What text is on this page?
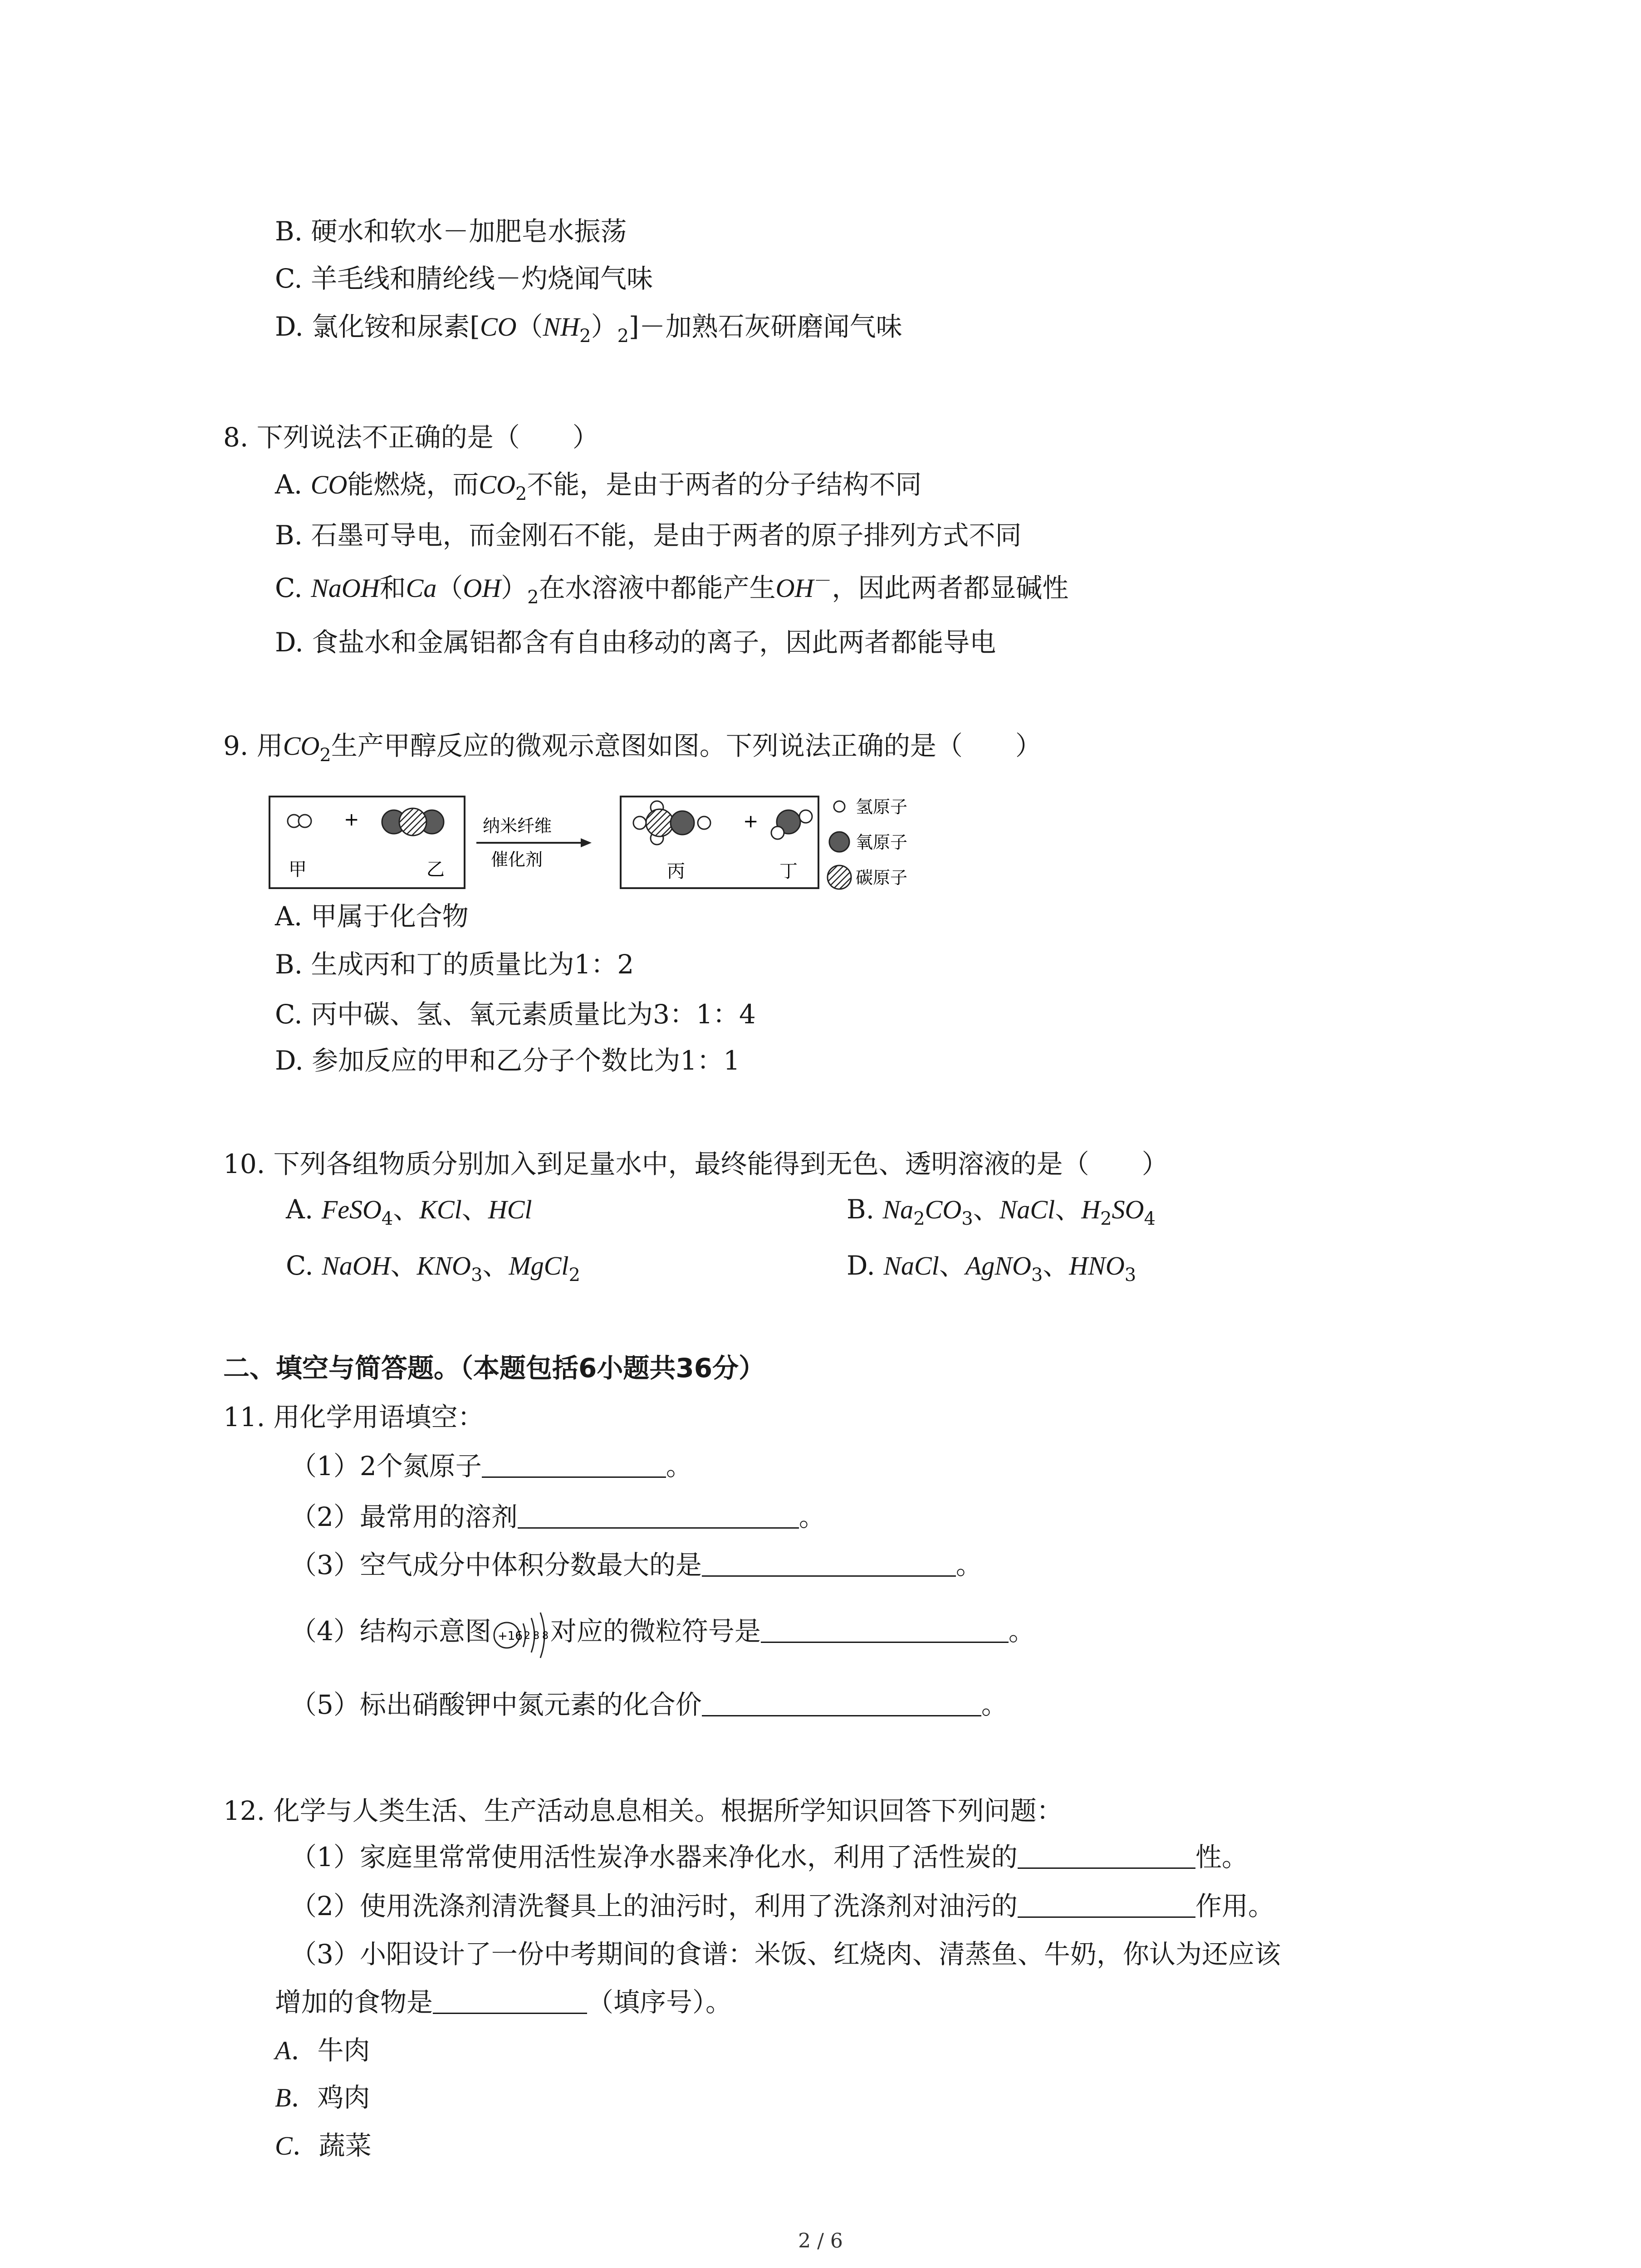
B. 硬水和软水－加肥皂水振荡
C. 羊毛线和腈纶线－灼烧闻气味
D. 氯化铵和尿素$[CO(NH_2)_2]-$加熟石灰研磨闻气味
8. 下列说法不正确的是（　　）
A. CO能燃烧，而$CO_2$不能，是由于两者的分子结构不同
B. 石墨可导电，而金刚石不能，是由于两者的原子排列方式不同
C. NaOH和$Ca(OH)_2$在水溶液中都能产生OH－，因此两者都显碱性
D. 食盐水和金属铝都含有自由移动的离子，因此两者都能导电
9. 用$CO_2$生产甲醇反应的微观示意图如图。下列说法正确的是（　　）
+
甲	乙
纳米纤维
催化剂
+
丙	丁
氢原子
氧原子
碳原子
A. 甲属于化合物
B. 生成丙和丁的质量比为1：2
C. 丙中碳、氢、氧元素质量比为3：1：4
D. 参加反应的甲和乙分子个数比为1：1
10. 下列各组物质分别加入到足量水中，最终能得到无色、透明溶液的是（　　）
A. FeSO$_4$、KCl、HCl	B. $Na_2CO_3$、NaCl、$H_2SO_4$
C. NaOH、$KNO_3$、MgCl$_2$	D. NaCl、AgNO$_3$、$HNO_3$
二、填空与简答题。（本题包括6小题共36分）
11. 用化学用语填空：
（1）2个氮原子	。
（2）最常用的溶剂	。
（3）空气成分中体积分数最大的是	。
（4）结构示意图 +16 2 8 8 对应的微粒符号是	。
（5）标出硝酸钾中氮元素的化合价	。
12. 化学与人类生活、生产活动息息相关。根据所学知识回答下列问题：
（1）家庭里常常使用活性炭净水器来净化水，利用了活性炭的	性。
（2）使用洗涤剂清洗餐具上的油污时，利用了洗涤剂对油污的	作用。
（3）小阳设计了一份中考期间的食谱：米饭、红烧肉、清蒸鱼、牛奶，你认为还应该
增加的食物是	（填序号）。
A．牛肉
B．鸡肉
C．蔬菜
2 / 6
